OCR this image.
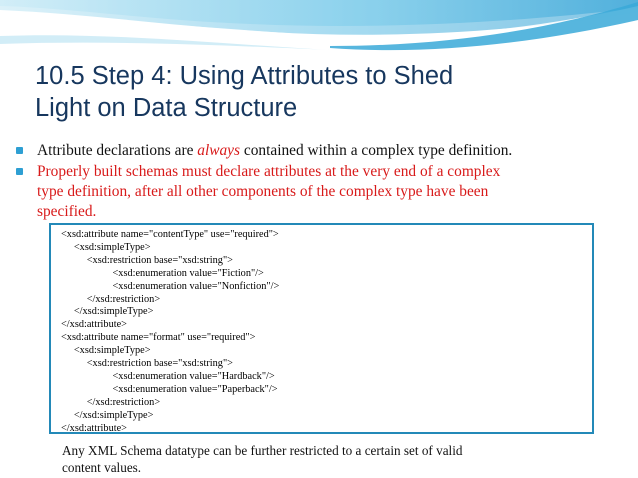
10.5 Step 4: Using Attributes to Shed
Light on Data Structure
Attribute declarations are always contained within a complex type definition.
Properly built schemas must declare attributes at the very end of a complex
type definition, after all other components of the complex type have been
specified.
<xsd:attribute name="contentType" use="required">
<xsd:simpleType>
<xsd:restriction base="xsd:string">
<xsd:enumeration value="Fiction"/>
<xsd:enumeration value="Nonfiction"/>
</xsd:restriction>
</xsd:simpleType>
</xsd:attribute>
<xsd:attribute name="format" use="required">
<xsd:simpleType>
<xsd:restriction base="xsd:string">
<xsd:enumeration value="Hardback"/>
<xsd:enumeration value="Paperback"/>
</xsd:restriction>
</xsd:simpleType>
</xsd:attribute>
Any XML Schema datatype can be further restricted to a certain set of valid
content values.
